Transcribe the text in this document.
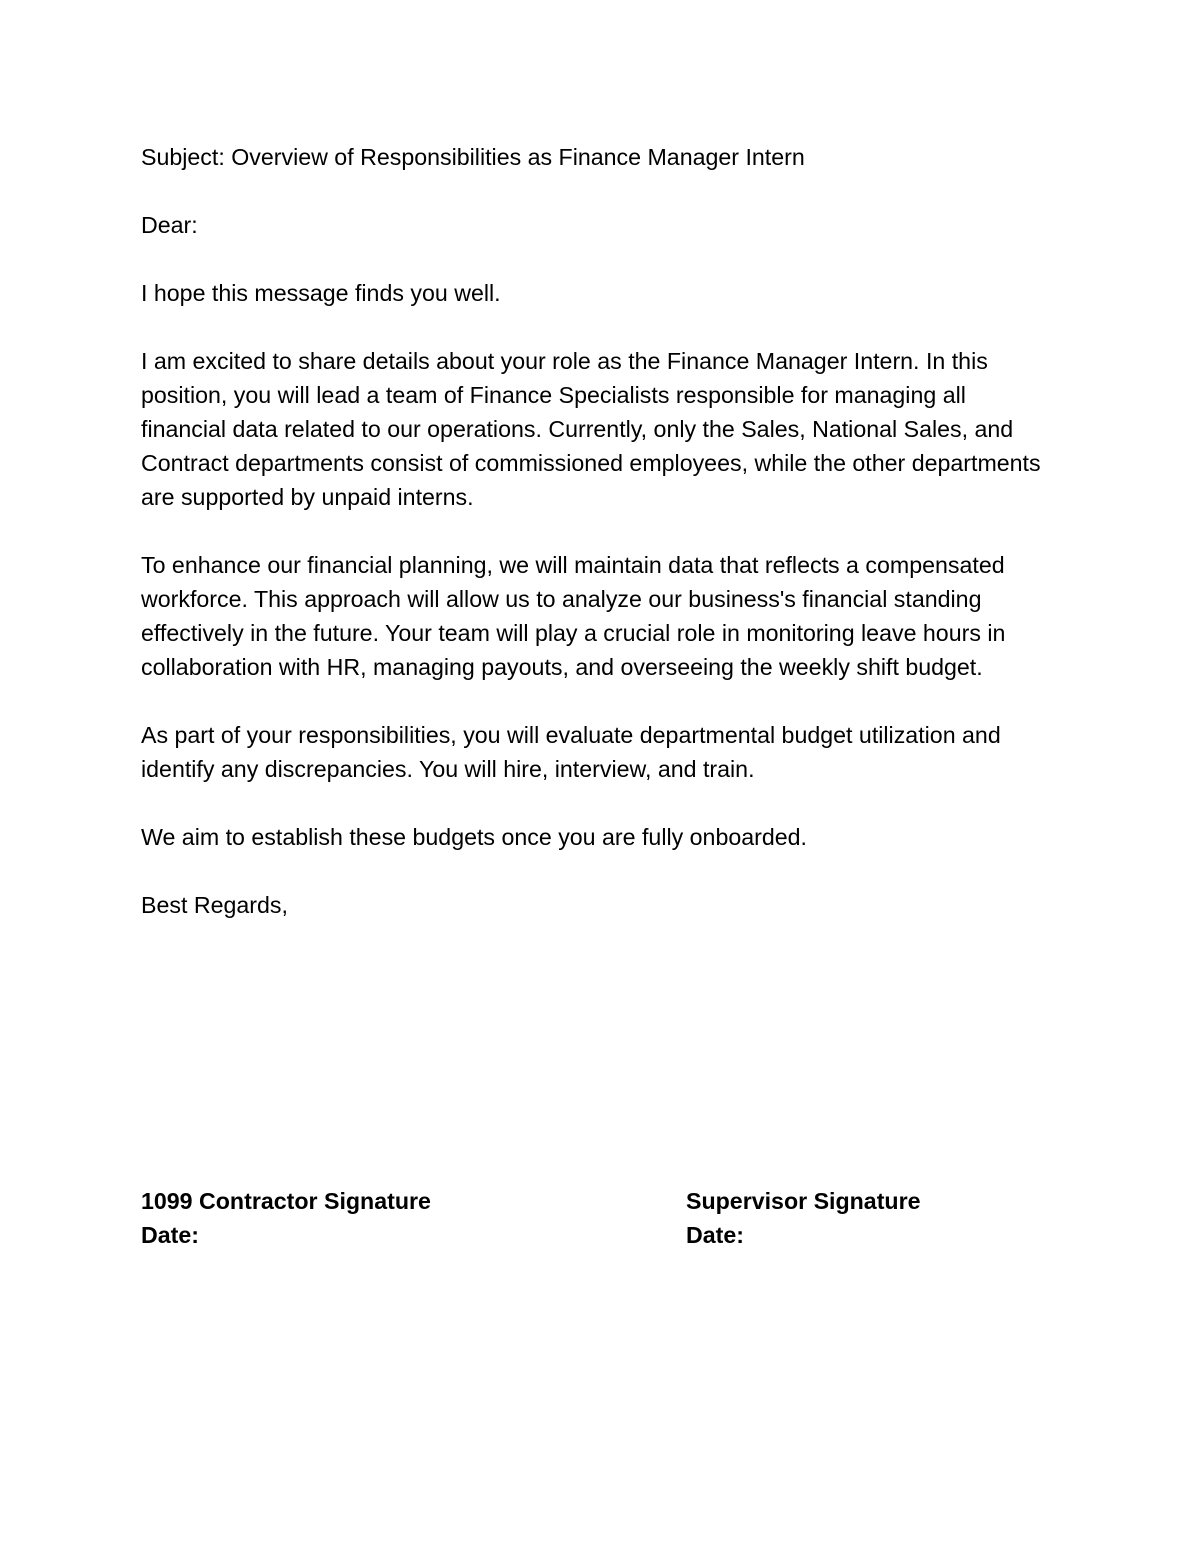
Subject: Overview of Responsibilities as Finance Manager Intern

Dear:

I hope this message finds you well.

I am excited to share details about your role as the Finance Manager Intern. In this position, you will lead a team of Finance Specialists responsible for managing all financial data related to our operations. Currently, only the Sales, National Sales, and Contract departments consist of commissioned employees, while the other departments are supported by unpaid interns.

To enhance our financial planning, we will maintain data that reflects a compensated workforce. This approach will allow us to analyze our business's financial standing effectively in the future. Your team will play a crucial role in monitoring leave hours in collaboration with HR, managing payouts, and overseeing the weekly shift budget.

As part of your responsibilities, you will evaluate departmental budget utilization and identify any discrepancies. You will hire, interview, and train.

We aim to establish these budgets once you are fully onboarded.

Best Regards,

1099 Contractor Signature
Date:
Supervisor Signature
Date:
